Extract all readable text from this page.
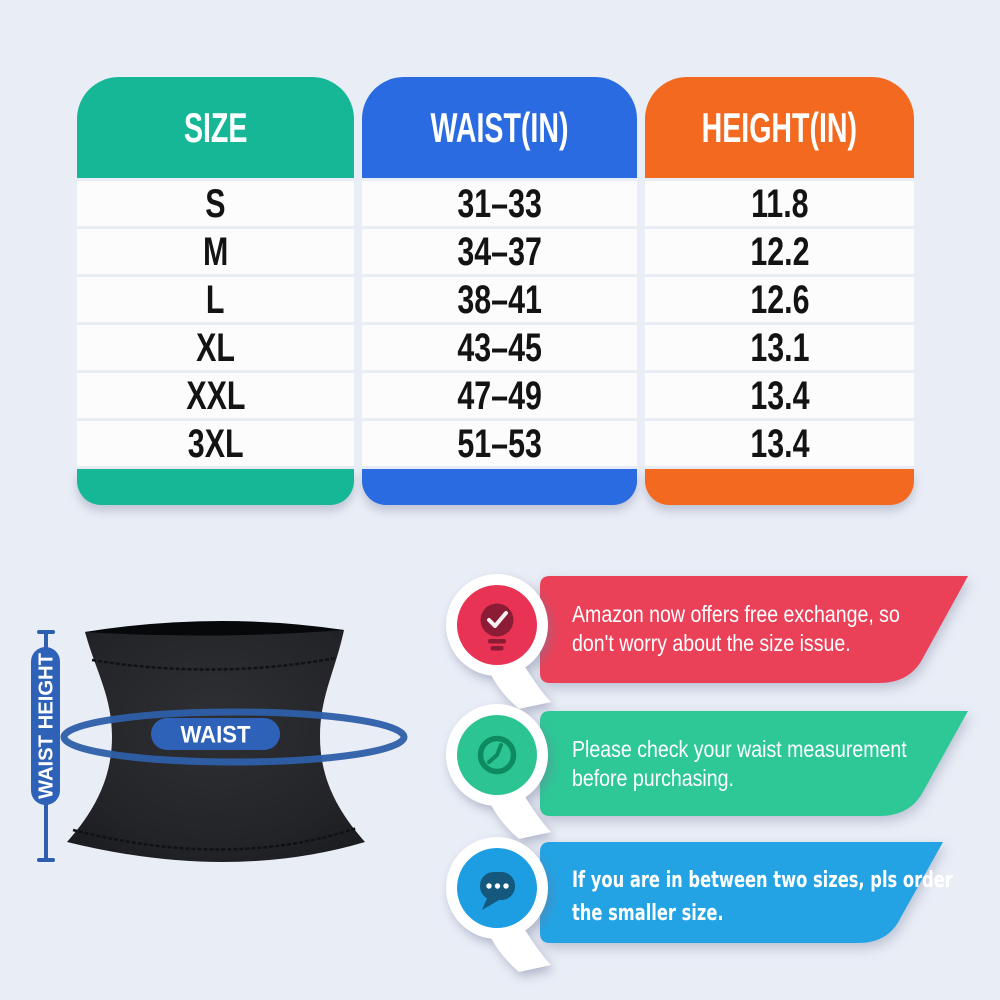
SIZE	WAIST(IN)	HEIGHT(IN)
S	31–33	11.8
M	34–37	12.2
L	38–41	12.6
XL	43–45	13.1
XXL	47–49	13.4
3XL	51–53	13.4
WAIST HEIGHT	WAIST
Amazon now offers free exchange, so
don't worry about the size issue.
Please check your waist measurement
before purchasing.
If you are in between two sizes, pls order
the smaller size.
